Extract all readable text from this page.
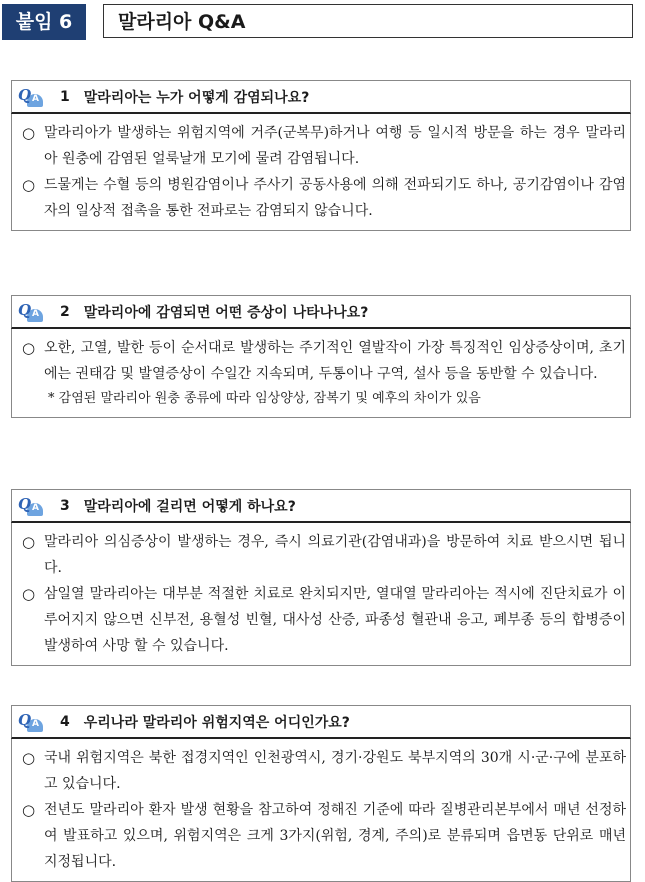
붙임 6	말라리아 Q&A
Q A 1 말라리아는 누가 어떻게 감염되나요?
○ 말라리아가 발생하는 위험지역에 거주(군복무)하거나 여행 등 일시적 방문을 하는 경우 말라리아 원충에 감염된 얼룩날개 모기에 물려 감염됩니다.
○ 드물게는 수혈 등의 병원감염이나 주사기 공동사용에 의해 전파되기도 하나, 공기감염이나 감염자의 일상적 접촉을 통한 전파로는 감염되지 않습니다.
Q A 2 말라리아에 감염되면 어떤 증상이 나타나나요?
○ 오한, 고열, 발한 등이 순서대로 발생하는 주기적인 열발작이 가장 특징적인 임상증상이며, 초기에는 권태감 및 발열증상이 수일간 지속되며, 두통이나 구역, 설사 등을 동반할 수 있습니다.
* 감염된 말라리아 원충 종류에 따라 임상양상, 잠복기 및 예후의 차이가 있음
Q A 3 말라리아에 걸리면 어떻게 하나요?
○ 말라리아 의심증상이 발생하는 경우, 즉시 의료기관(감염내과)을 방문하여 치료 받으시면 됩니다.
○ 삼일열 말라리아는 대부분 적절한 치료로 완치되지만, 열대열 말라리아는 적시에 진단치료가 이루어지지 않으면 신부전, 용혈성 빈혈, 대사성 산증, 파종성 혈관내 응고, 폐부종 등의 합병증이 발생하여 사망 할 수 있습니다.
Q A 4 우리나라 말라리아 위험지역은 어디인가요?
○ 국내 위험지역은 북한 접경지역인 인천광역시, 경기·강원도 북부지역의 30개 시·군·구에 분포하고 있습니다.
○ 전년도 말라리아 환자 발생 현황을 참고하여 정해진 기준에 따라 질병관리본부에서 매년 선정하여 발표하고 있으며, 위험지역은 크게 3가지(위험, 경계, 주의)로 분류되며 읍면동 단위로 매년 지정됩니다.
